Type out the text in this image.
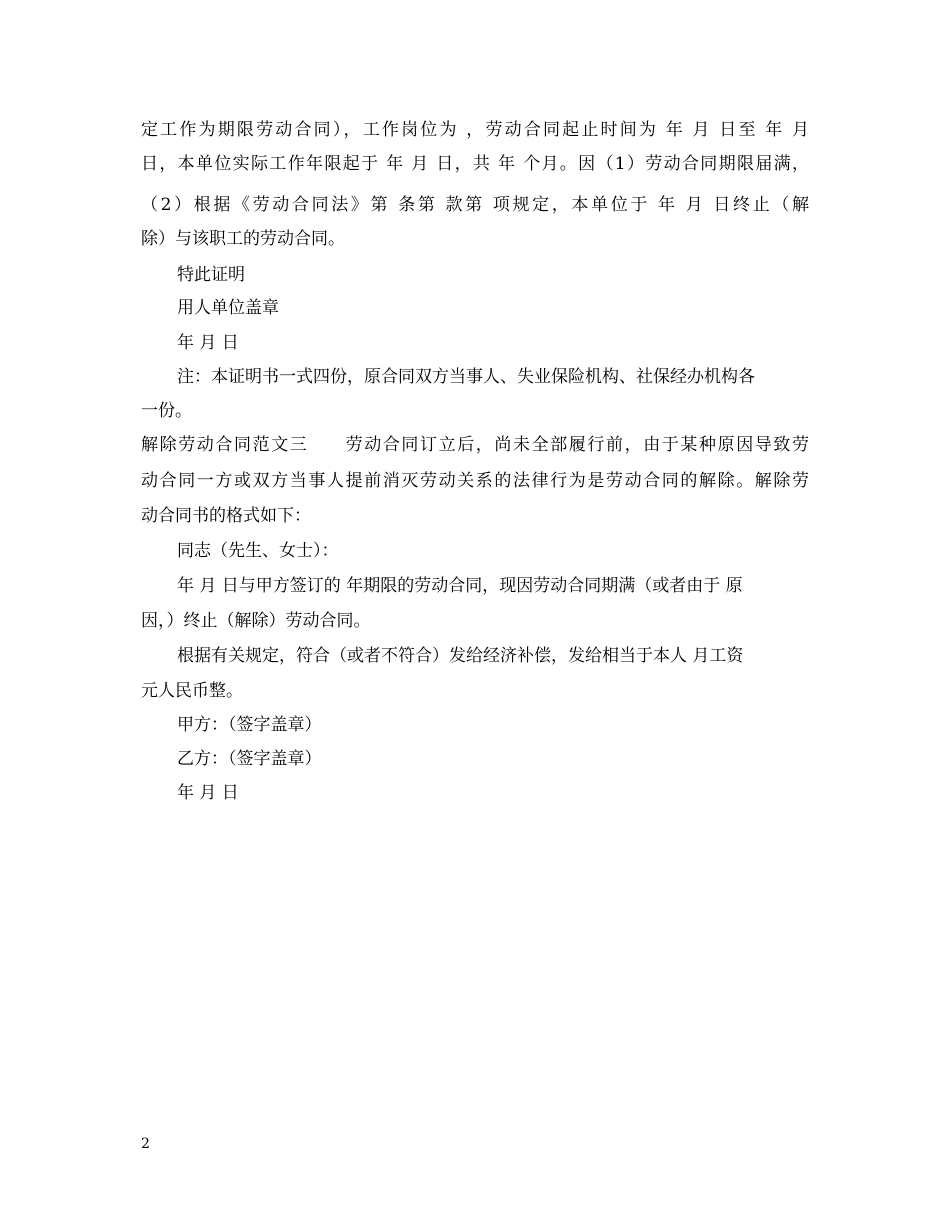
定工作为期限劳动合同），工作岗位为 ，劳动合同起止时间为 年 月 日至 年 月
日，本单位实际工作年限起于 年 月 日，共 年 个月。因（1）劳动合同期限届满，
（2）根据《劳动合同法》第 条第 款第 项规定，本单位于 年 月 日终止（解
除）与该职工的劳动合同。
特此证明
用人单位盖章
年 月 日
注：本证明书一式四份，原合同双方当事人、失业保险机构、社保经办机构各
一份。
解除劳动合同范文三　　劳动合同订立后，尚未全部履行前，由于某种原因导致劳
动合同一方或双方当事人提前消灭劳动关系的法律行为是劳动合同的解除。解除劳
动合同书的格式如下：
同志（先生、女士）：
年 月 日与甲方签订的 年期限的劳动合同，现因劳动合同期满（或者由于 原
因，）终止（解除）劳动合同。
根据有关规定，符合（或者不符合）发给经济补偿，发给相当于本人 月工资
元人民币整。
甲方：（签字盖章）
乙方：（签字盖章）
年 月 日
2
